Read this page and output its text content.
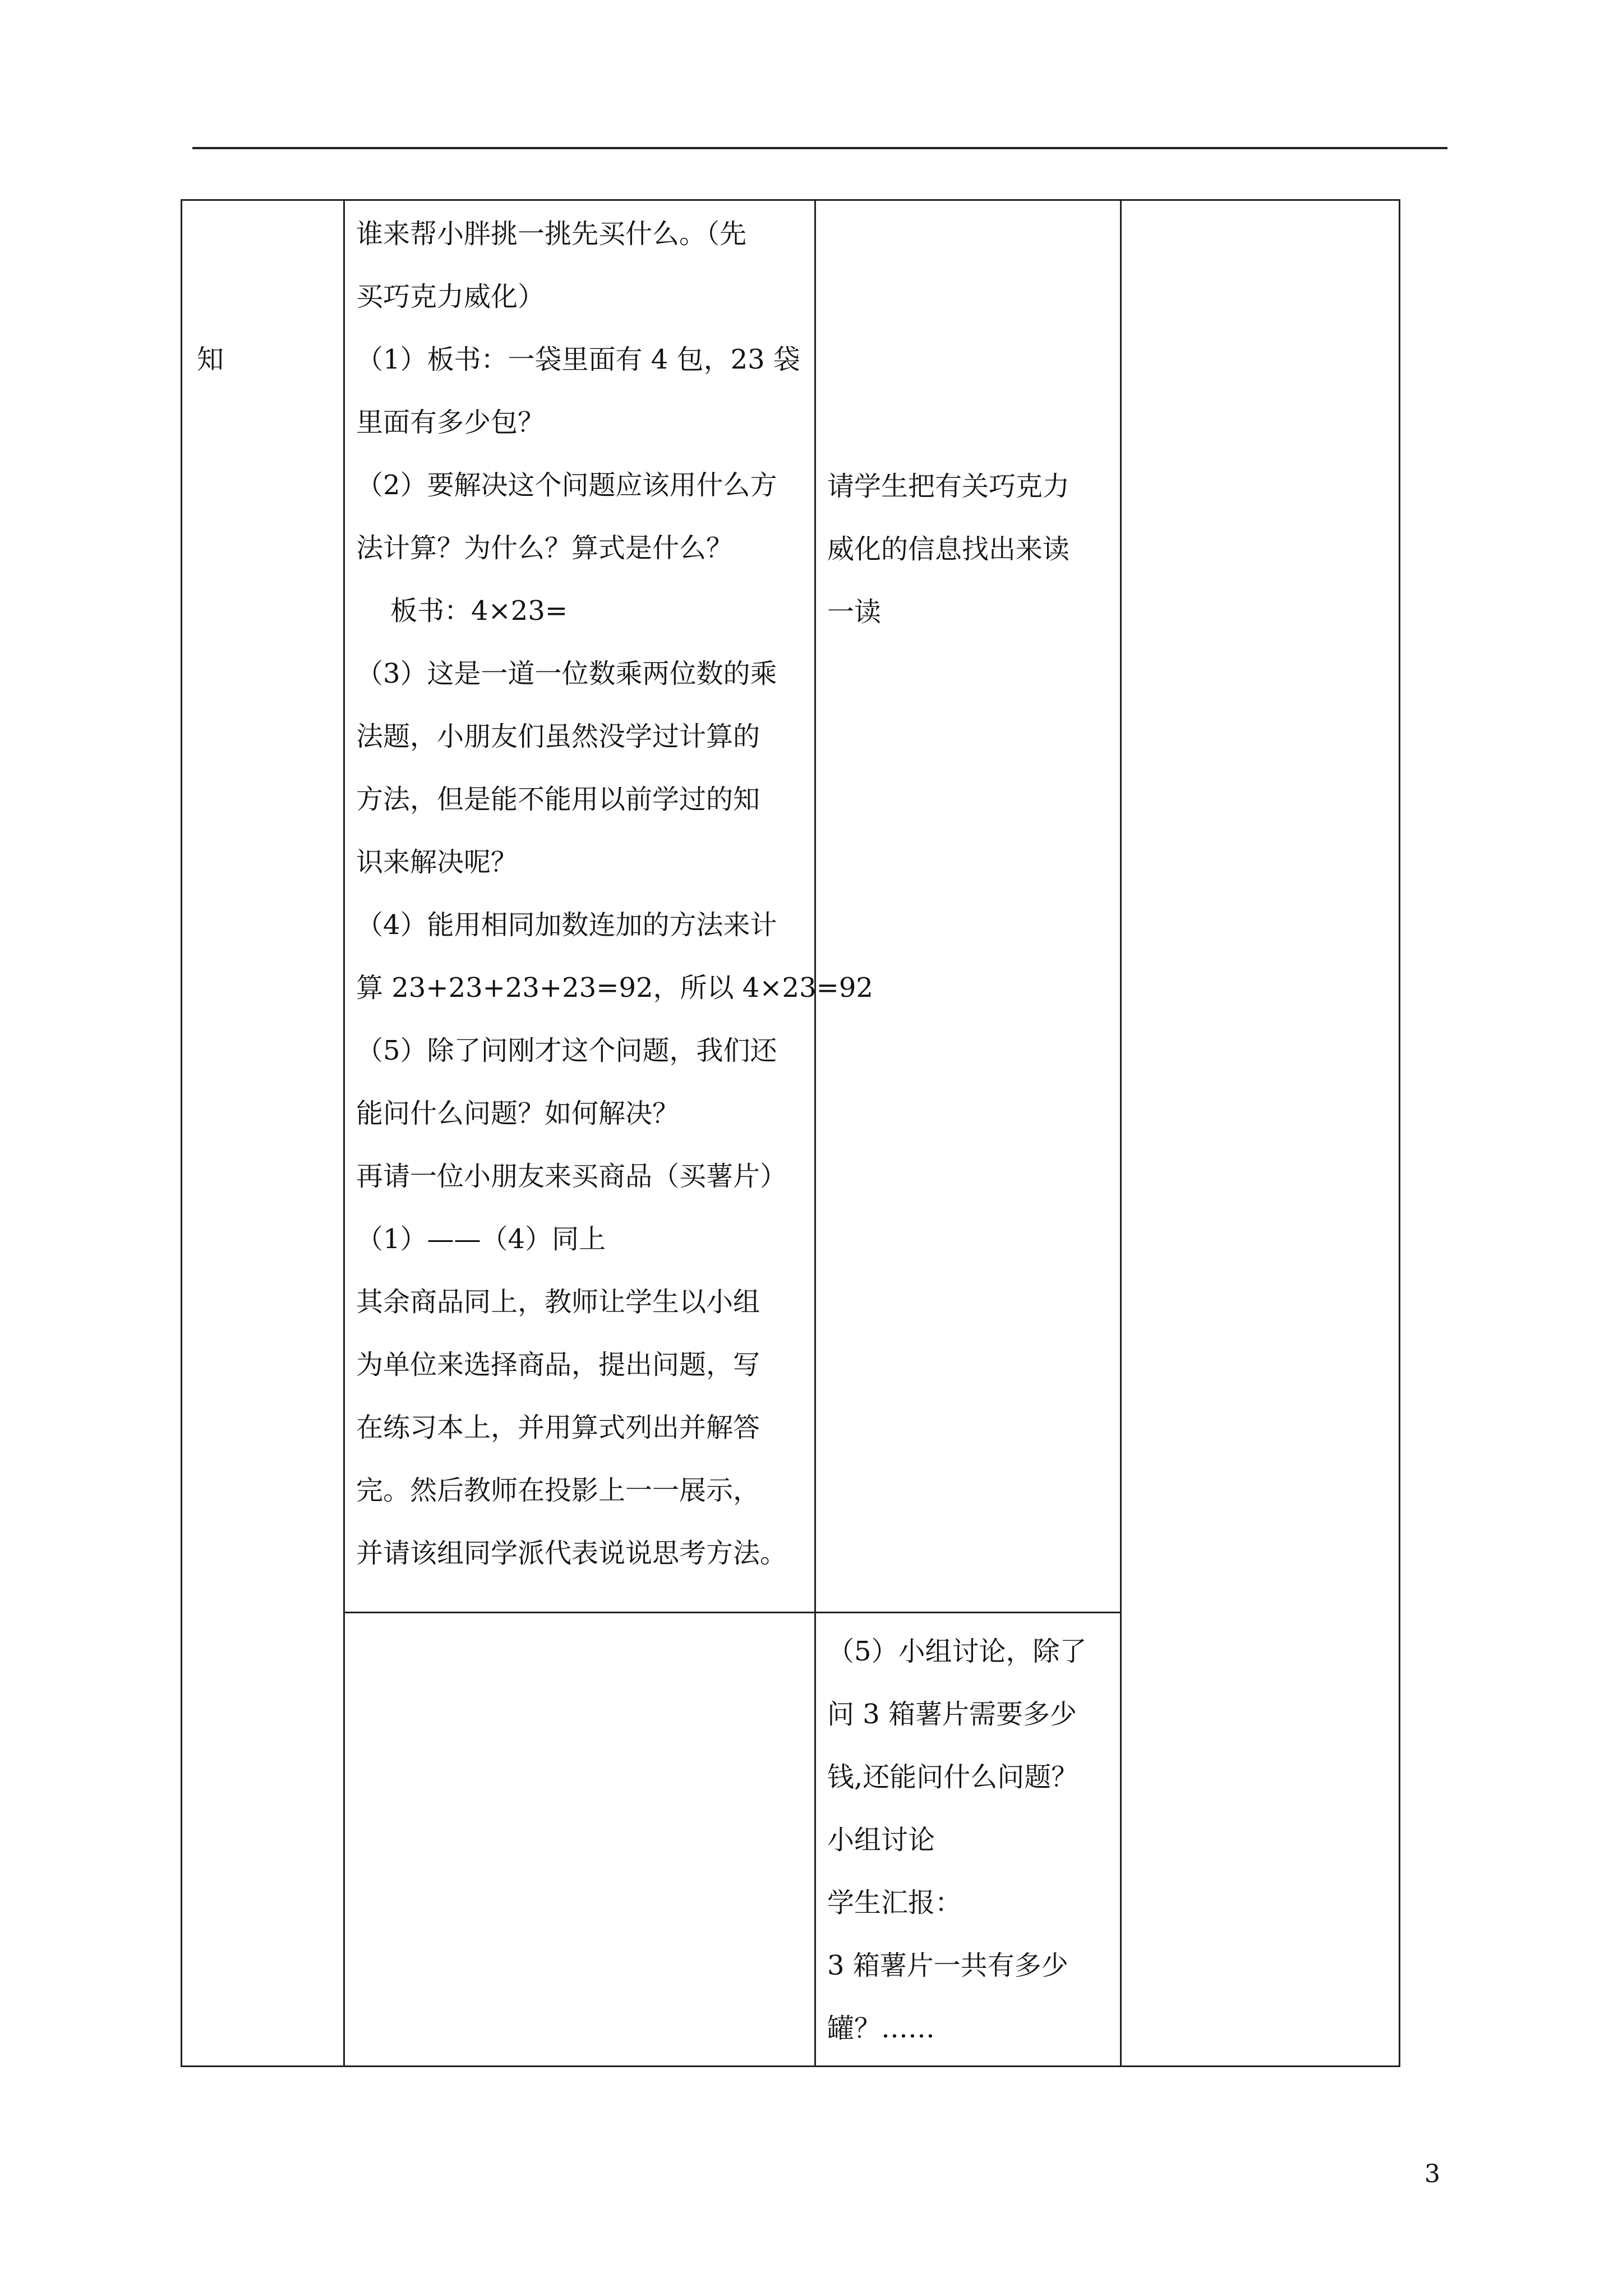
知

谁来帮小胖挑一挑先买什么。（先
买巧克力威化）
（1）板书：一袋里面有 4 包，23 袋
里面有多少包？
（2）要解决这个问题应该用什么方
法计算？为什么？算式是什么？
板书：4×23=
（3）这是一道一位数乘两位数的乘
法题，小朋友们虽然没学过计算的
方法，但是能不能用以前学过的知
识来解决呢？
（4）能用相同加数连加的方法来计
算 23+23+23+23=92，所以 4×23=92
（5）除了问刚才这个问题，我们还
能问什么问题？如何解决？
再请一位小朋友来买商品（买薯片）
（1）——（4）同上
其余商品同上，教师让学生以小组
为单位来选择商品，提出问题，写
在练习本上，并用算式列出并解答
完。然后教师在投影上一一展示，
并请该组同学派代表说说思考方法。
请学生把有关巧克力
威化的信息找出来读
一读
（5）小组讨论，除了
问 3 箱薯片需要多少
钱,还能问什么问题？
小组讨论
学生汇报：
3 箱薯片一共有多少
罐？……

3
